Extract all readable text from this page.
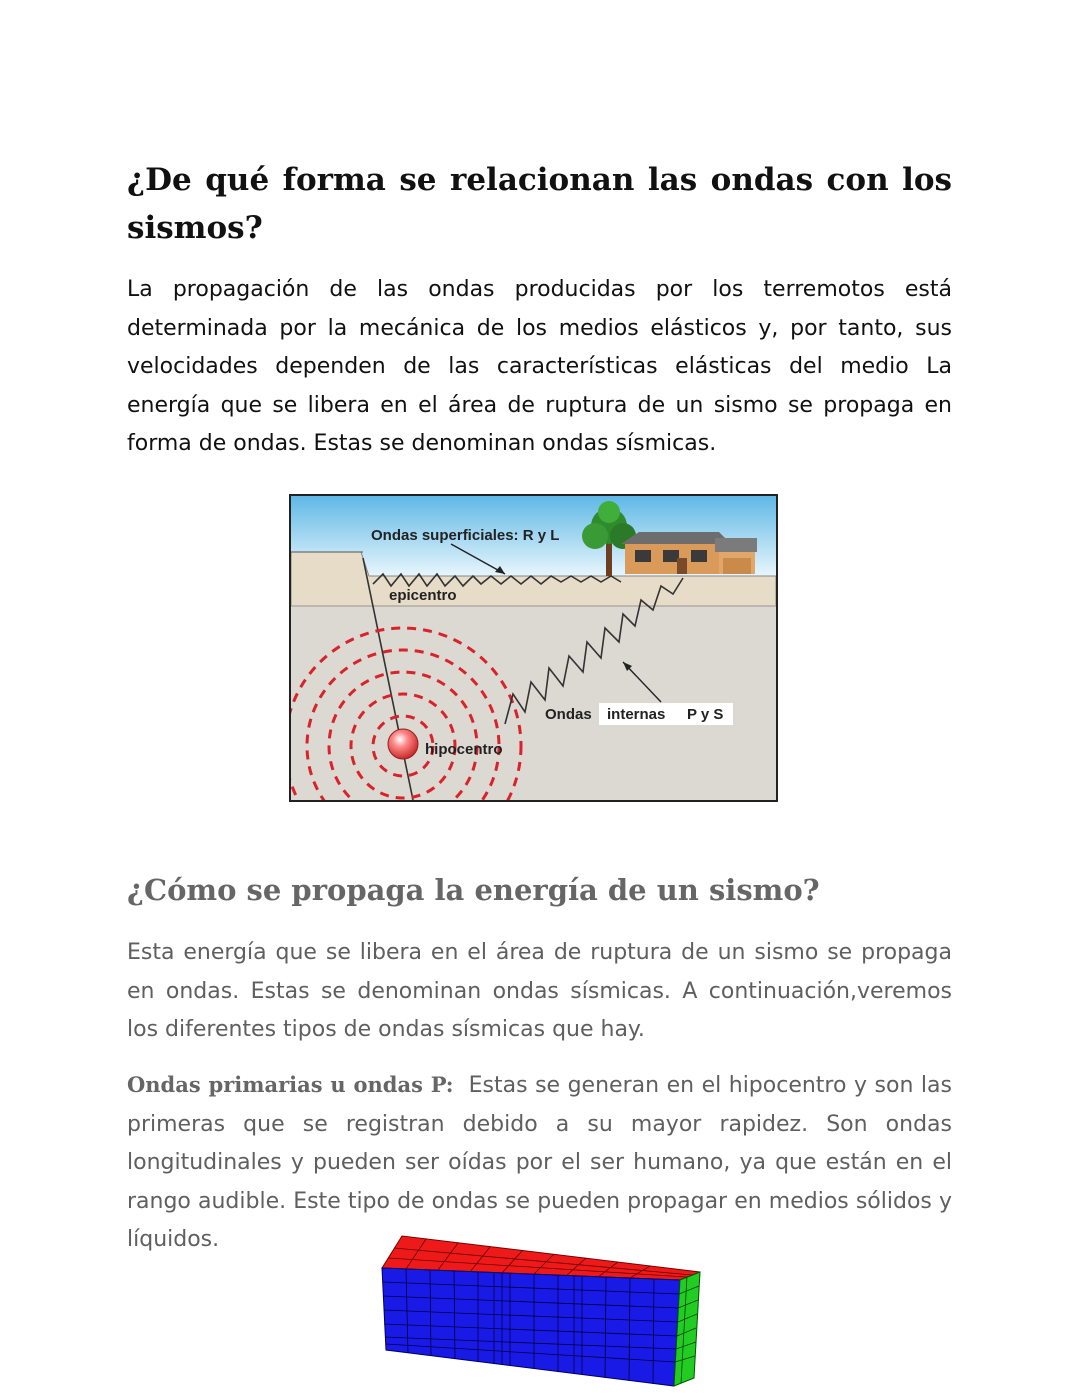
¿De qué forma se relacionan las ondas con los sismos?

La propagación de las ondas producidas por los terremotos está determinada por la mecánica de los medios elásticos y, por tanto, sus velocidades dependen de las características elásticas del medio La energía que se libera en el área de ruptura de un sismo se propaga en forma de ondas. Estas se denominan ondas sísmicas.

Ondas superficiales: R y L
epicentro
Ondas internas P y S
hipocentro
¿Cómo se propaga la energía de un sismo?

Esta energía que se libera en el área de ruptura de un sismo se propaga en ondas. Estas se denominan ondas sísmicas. A continuación,veremos los diferentes tipos de ondas sísmicas que hay.

Ondas primarias u ondas P: Estas se generan en el hipocentro y son las primeras que se registran debido a su mayor rapidez. Son ondas longitudinales y pueden ser oídas por el ser humano, ya que están en el rango audible. Este tipo de ondas se pueden propagar en medios sólidos y líquidos.
